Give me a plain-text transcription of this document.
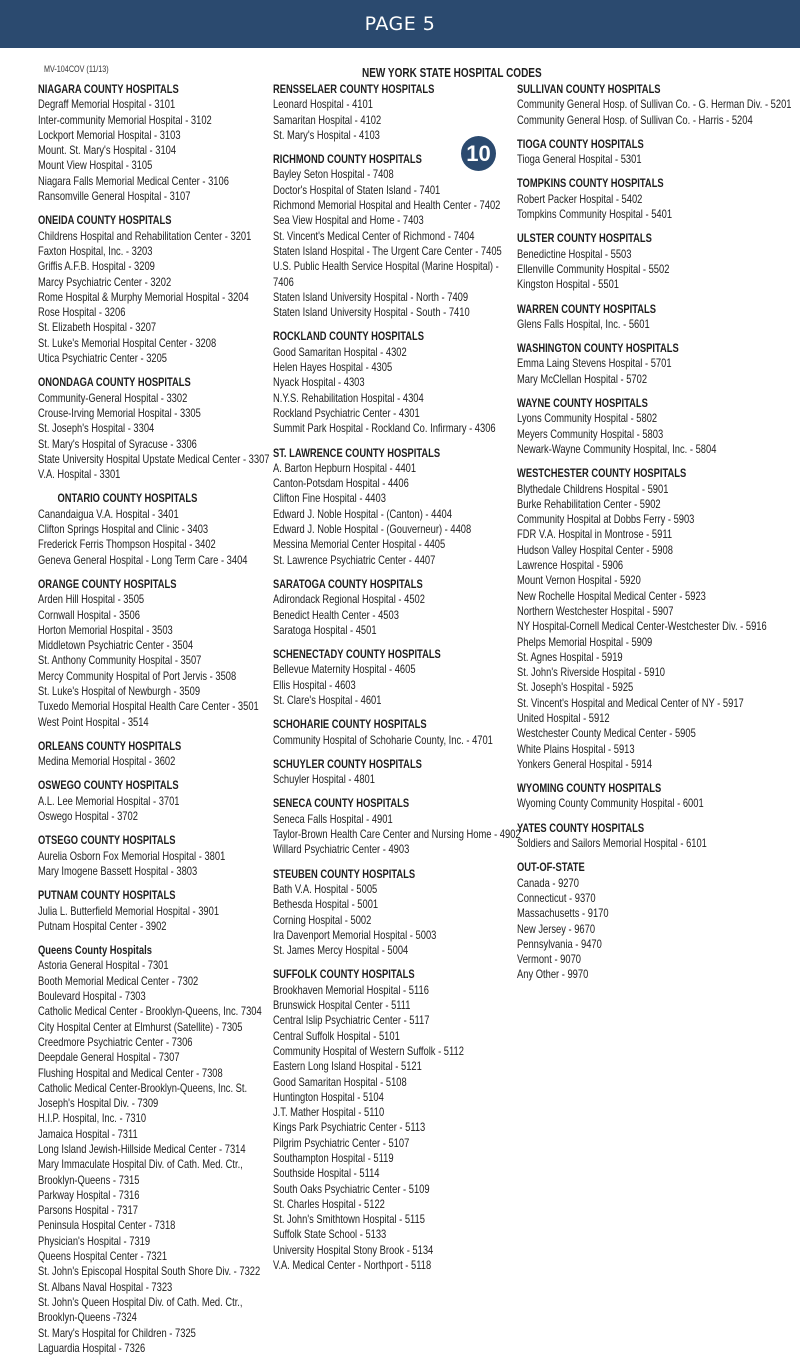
PAGE 5
MV-104COV (11/13)	NEW YORK STATE HOSPITAL CODES
10
NIAGARA COUNTY HOSPITALS
Degraff Memorial Hospital - 3101
Inter-community Memorial Hospital - 3102
Lockport Memorial Hospital - 3103
Mount. St. Mary's Hospital - 3104
Mount View Hospital - 3105
Niagara Falls Memorial Medical Center - 3106
Ransomville General Hospital - 3107
ONEIDA COUNTY HOSPITALS
Childrens Hospital and Rehabilitation Center - 3201
Faxton Hospital, Inc. - 3203
Griffis A.F.B. Hospital - 3209
Marcy Psychiatric Center - 3202
Rome Hospital & Murphy Memorial Hospital - 3204
Rose Hospital - 3206
St. Elizabeth Hospital - 3207
St. Luke's Memorial Hospital Center - 3208
Utica Psychiatric Center - 3205
ONONDAGA COUNTY HOSPITALS
Community-General Hospital - 3302
Crouse-Irving Memorial Hospital - 3305
St. Joseph's Hospital - 3304
St. Mary's Hospital of Syracuse - 3306
State University Hospital Upstate Medical Center - 3307
V.A. Hospital - 3301
ONTARIO COUNTY HOSPITALS
Canandaigua V.A. Hospital - 3401
Clifton Springs Hospital and Clinic - 3403
Frederick Ferris Thompson Hospital - 3402
Geneva General Hospital - Long Term Care - 3404
ORANGE COUNTY HOSPITALS
Arden Hill Hospital - 3505
Cornwall Hospital - 3506
Horton Memorial Hospital - 3503
Middletown Psychiatric Center - 3504
St. Anthony Community Hospital - 3507
Mercy Community Hospital of Port Jervis - 3508
St. Luke's Hospital of Newburgh - 3509
Tuxedo Memorial Hospital Health Care Center - 3501
West Point Hospital - 3514
ORLEANS COUNTY HOSPITALS
Medina Memorial Hospital - 3602
OSWEGO COUNTY HOSPITALS
A.L. Lee Memorial Hospital - 3701
Oswego Hospital - 3702
OTSEGO COUNTY HOSPITALS
Aurelia Osborn Fox Memorial Hospital - 3801
Mary Imogene Bassett Hospital - 3803
PUTNAM COUNTY HOSPITALS
Julia L. Butterfield Memorial Hospital - 3901
Putnam Hospital Center - 3902
Queens County Hospitals
Astoria General Hospital - 7301
Booth Memorial Medical Center - 7302
Boulevard Hospital - 7303
Catholic Medical Center - Brooklyn-Queens, Inc. 7304
City Hospital Center at Elmhurst (Satellite) - 7305
Creedmore Psychiatric Center - 7306
Deepdale General Hospital - 7307
Flushing Hospital and Medical Center - 7308
Catholic Medical Center-Brooklyn-Queens, Inc. St.
Joseph's Hospital Div. - 7309
H.I.P. Hospital, Inc. - 7310
Jamaica Hospital - 7311
Long Island Jewish-Hillside Medical Center - 7314
Mary Immaculate Hospital Div. of Cath. Med. Ctr.,
Brooklyn-Queens - 7315
Parkway Hospital - 7316
Parsons Hospital - 7317
Peninsula Hospital Center - 7318
Physician's Hospital - 7319
Queens Hospital Center - 7321
St. John's Episcopal Hospital South Shore Div. - 7322
St. Albans Naval Hospital - 7323
St. John's Queen Hospital Div. of Cath. Med. Ctr.,
Brooklyn-Queens -7324
St. Mary's Hospital for Children - 7325
Laguardia Hospital - 7326
RENSSELAER COUNTY HOSPITALS
Leonard Hospital - 4101
Samaritan Hospital - 4102
St. Mary's Hospital - 4103
RICHMOND COUNTY HOSPITALS
Bayley Seton Hospital - 7408
Doctor's Hospital of Staten Island - 7401
Richmond Memorial Hospital and Health Center - 7402
Sea View Hospital and Home - 7403
St. Vincent's Medical Center of Richmond - 7404
Staten Island Hospital - The Urgent Care Center - 7405
U.S. Public Health Service Hospital (Marine Hospital) -
7406
Staten Island University Hospital - North - 7409
Staten Island University Hospital - South - 7410
ROCKLAND COUNTY HOSPITALS
Good Samaritan Hospital - 4302
Helen Hayes Hospital - 4305
Nyack Hospital - 4303
N.Y.S. Rehabilitation Hospital - 4304
Rockland Psychiatric Center - 4301
Summit Park Hospital - Rockland Co. Infirmary - 4306
ST. LAWRENCE COUNTY HOSPITALS
A. Barton Hepburn Hospital - 4401
Canton-Potsdam Hospital - 4406
Clifton Fine Hospital - 4403
Edward J. Noble Hospital - (Canton) - 4404
Edward J. Noble Hospital - (Gouverneur) - 4408
Messina Memorial Center Hospital - 4405
St. Lawrence Psychiatric Center - 4407
SARATOGA COUNTY HOSPITALS
Adirondack Regional Hospital - 4502
Benedict Health Center - 4503
Saratoga Hospital - 4501
SCHENECTADY COUNTY HOSPITALS
Bellevue Maternity Hospital - 4605
Ellis Hospital - 4603
St. Clare's Hospital - 4601
SCHOHARIE COUNTY HOSPITALS
Community Hospital of Schoharie County, Inc. - 4701
SCHUYLER COUNTY HOSPITALS
Schuyler Hospital - 4801
SENECA COUNTY HOSPITALS
Seneca Falls Hospital - 4901
Taylor-Brown Health Care Center and Nursing Home - 4902
Willard Psychiatric Center - 4903
STEUBEN COUNTY HOSPITALS
Bath V.A. Hospital - 5005
Bethesda Hospital - 5001
Corning Hospital - 5002
Ira Davenport Memorial Hospital - 5003
St. James Mercy Hospital - 5004
SUFFOLK COUNTY HOSPITALS
Brookhaven Memorial Hospital - 5116
Brunswick Hospital Center - 5111
Central Islip Psychiatric Center - 5117
Central Suffolk Hospital - 5101
Community Hospital of Western Suffolk - 5112
Eastern Long Island Hospital - 5121
Good Samaritan Hospital - 5108
Huntington Hospital - 5104
J.T. Mather Hospital - 5110
Kings Park Psychiatric Center - 5113
Pilgrim Psychiatric Center - 5107
Southampton Hospital - 5119
Southside Hospital - 5114
South Oaks Psychiatric Center - 5109
St. Charles Hospital - 5122
St. John's Smithtown Hospital - 5115
Suffolk State School - 5133
University Hospital Stony Brook - 5134
V.A. Medical Center - Northport - 5118
SULLIVAN COUNTY HOSPITALS
Community General Hosp. of Sullivan Co. - G. Herman Div. - 5201
Community General Hosp. of Sullivan Co. - Harris - 5204
TIOGA COUNTY HOSPITALS
Tioga General Hospital - 5301
TOMPKINS COUNTY HOSPITALS
Robert Packer Hospital - 5402
Tompkins Community Hospital - 5401
ULSTER COUNTY HOSPITALS
Benedictine Hospital - 5503
Ellenville Community Hospital - 5502
Kingston Hospital - 5501
WARREN COUNTY HOSPITALS
Glens Falls Hospital, Inc. - 5601
WASHINGTON COUNTY HOSPITALS
Emma Laing Stevens Hospital - 5701
Mary McClellan Hospital - 5702
WAYNE COUNTY HOSPITALS
Lyons Community Hospital - 5802
Meyers Community Hospital - 5803
Newark-Wayne Community Hospital, Inc. - 5804
WESTCHESTER COUNTY HOSPITALS
Blythedale Childrens Hospital - 5901
Burke Rehabilitation Center - 5902
Community Hospital at Dobbs Ferry - 5903
FDR V.A. Hospital in Montrose - 5911
Hudson Valley Hospital Center - 5908
Lawrence Hospital - 5906
Mount Vernon Hospital - 5920
New Rochelle Hospital Medical Center - 5923
Northern Westchester Hospital - 5907
NY Hospital-Cornell Medical Center-Westchester Div. - 5916
Phelps Memorial Hospital - 5909
St. Agnes Hospital - 5919
St. John's Riverside Hospital - 5910
St. Joseph's Hospital - 5925
St. Vincent's Hospital and Medical Center of NY - 5917
United Hospital - 5912
Westchester County Medical Center - 5905
White Plains Hospital - 5913
Yonkers General Hospital - 5914
WYOMING COUNTY HOSPITALS
Wyoming County Community Hospital - 6001
YATES COUNTY HOSPITALS
Soldiers and Sailors Memorial Hospital - 6101
OUT-OF-STATE
Canada - 9270
Connecticut - 9370
Massachusetts - 9170
New Jersey - 9670
Pennsylvania - 9470
Vermont - 9070
Any Other - 9970
